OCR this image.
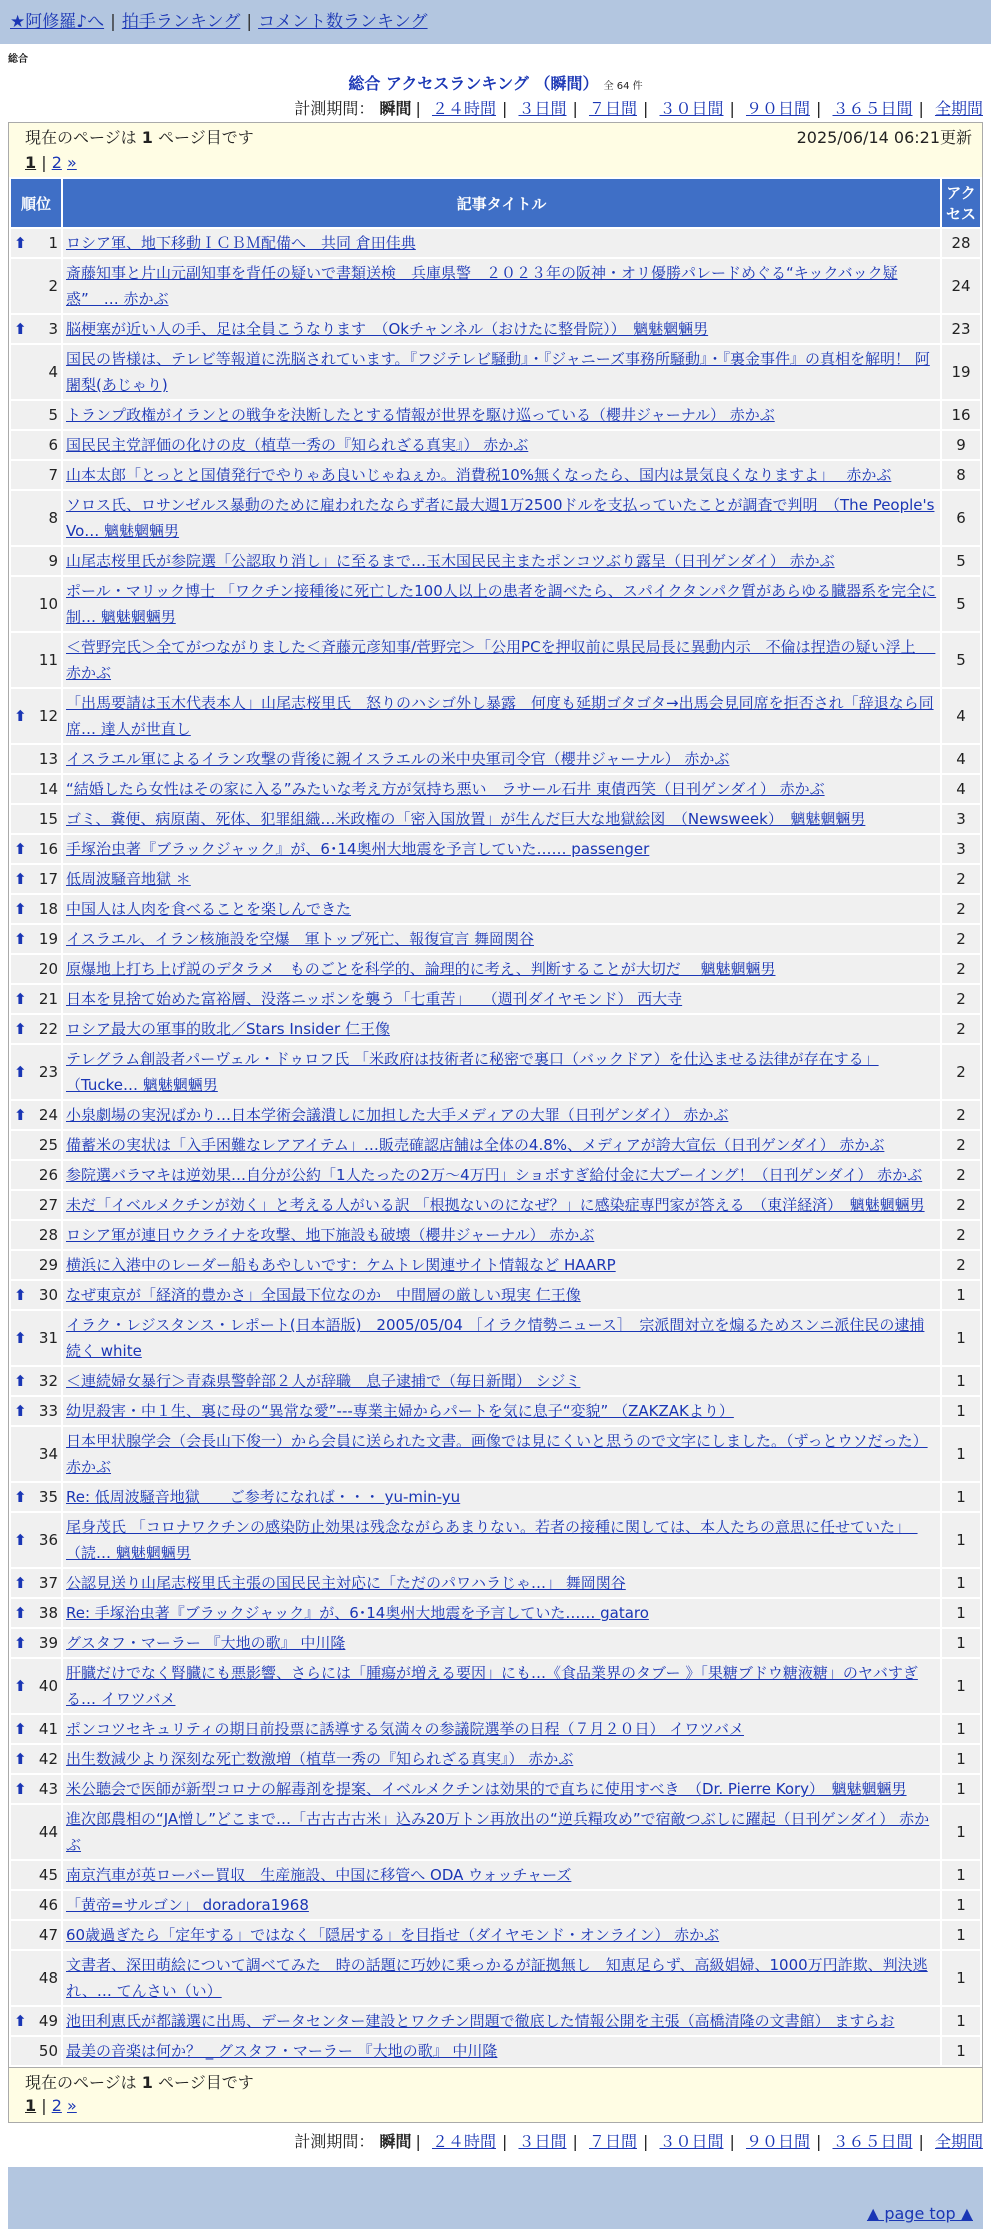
★阿修羅♪へ | 拍手ランキング | コメント数ランキング
総合
総合 アクセスランキング （瞬間） 全 64 件
計測期間： 瞬間 | ２４時間 | ３日間 | ７日間 | ３０日間 | ９０日間 | ３６５日間 | 全期間
現在のページは 1 ページ目です	2025/06/14 06:21更新
1 | 2 »
順位	記事タイトル	アクセス

⬆ 1	ロシア軍、地下移動ＩＣＢＭ配備へ　共同 倉田佳典	28
2	斎藤知事と片山元副知事を背任の疑いで書類送検　兵庫県警　２０２３年の阪神・オリ優勝パレードめぐる“キックバック疑惑”　… 赤かぶ	24

⬆ 3	脳梗塞が近い人の手、足は全員こうなります　（Okチャンネル（おけたに整骨院））　魑魅魍魎男	23
4	国民の皆様は、テレビ等報道に洗脳されています。『フジテレビ騒動』・『ジャニーズ事務所騒動』・『裏金事件』の真相を解明！ 阿闍梨(あじゃり)	19
5	トランプ政権がイランとの戦争を決断したとする情報が世界を駆け巡っている（櫻井ジャーナル） 赤かぶ	16
6	国民民主党評価の化けの皮（植草一秀の『知られざる真実』） 赤かぶ	9
7	山本太郎「とっとと国債発行でやりゃあ良いじゃねぇか。消費税10%無くなったら、国内は景気良くなりますよ」　 赤かぶ	8
8	ソロス氏、ロサンゼルス暴動のために雇われたならず者に最大週1万2500ドルを支払っていたことが調査で判明　（The People's Vo… 魑魅魍魎男	6
9	山尾志桜里氏が参院選「公認取り消し」に至るまで…玉木国民民主またポンコツぶり露呈（日刊ゲンダイ） 赤かぶ	5
10	ポール・マリック博士 「ワクチン接種後に死亡した100人以上の患者を調べたら、スパイクタンパク質があらゆる臓器系を完全に制… 魑魅魍魎男	5
11	＜菅野完氏＞全てがつながりました＜斉藤元彦知事/菅野完＞「公用PCを押収前に県民局長に異動内示　不倫は捏造の疑い浮上　 赤かぶ	5

⬆ 12	「出馬要請は玉木代表本人」山尾志桜里氏　怒りのハシゴ外し暴露　何度も延期ゴタゴタ→出馬会見同席を拒否され「辞退なら同席… 達人が世直し	4
13	イスラエル軍によるイラン攻撃の背後に親イスラエルの米中央軍司令官（櫻井ジャーナル） 赤かぶ	4
14	“結婚したら女性はその家に入る”みたいな考え方が気持ち悪い　ラサール石井 東債西笑（日刊ゲンダイ） 赤かぶ	4
15	ゴミ、糞便、病原菌、死体、犯罪組織…米政権の「密入国放置」が生んだ巨大な地獄絵図　（Newsweek）　魑魅魍魎男	3

⬆ 16	手塚治虫著『ブラックジャック』が、6･14奥州大地震を予言していた…… passenger	3

⬆ 17	低周波騒音地獄 ＊	2

⬆ 18	中国人は人肉を食べることを楽しんできた	2

⬆ 19	イスラエル、イラン核施設を空爆　軍トップ死亡、報復宣言 舞岡関谷	2
20	原爆地上打ち上げ説のデタラメ　ものごとを科学的、論理的に考え、判断することが大切だ　 魑魅魍魎男	2

⬆ 21	日本を見捨て始めた富裕層、没落ニッポンを襲う「七重苦」　 （週刊ダイヤモンド） 西大寺	2

⬆ 22	ロシア最大の軍事的敗北／Stars Insider 仁王像	2

⬆ 23	テレグラム創設者パーヴェル・ドゥロフ氏 「米政府は技術者に秘密で裏口（バックドア）を仕込ませる法律が存在する」 （Tucke… 魑魅魍魎男	2

⬆ 24	小泉劇場の実況ばかり…日本学術会議潰しに加担した大手メディアの大罪（日刊ゲンダイ） 赤かぶ	2
25	備蓄米の実状は「入手困難なレアアイテム」…販売確認店舗は全体の4.8%、メディアが誇大宣伝（日刊ゲンダイ） 赤かぶ	2
26	参院選バラマキは逆効果…自分が公約「1人たったの2万～4万円」ショボすぎ給付金に大ブーイング！（日刊ゲンダイ） 赤かぶ	2
27	未だ「イベルメクチンが効く」と考える人がいる訳 「根拠ないのになぜ？」に感染症専門家が答える　（東洋経済）　魑魅魍魎男	2
28	ロシア軍が連日ウクライナを攻撃、地下施設も破壊（櫻井ジャーナル） 赤かぶ	2
29	横浜に入港中のレーダー船もあやしいです：ケムトレ関連サイト情報など HAARP	2

⬆ 30	なぜ東京が「経済的豊かさ」全国最下位なのか　中間層の厳しい現実 仁王像	1

⬆ 31	イラク・レジスタンス・レポート(日本語版)　2005/05/04 ［イラク情勢ニュース］　宗派間対立を煽るためスンニ派住民の逮捕続く white	1

⬆ 32	＜連続婦女暴行＞青森県警幹部２人が辞職　息子逮捕で（毎日新聞） シジミ	1

⬆ 33	幼児殺害・中１生、裏に母の“異常な愛”---専業主婦からパートを気に息子“変貌” （ZAKZAKより）	1
34	日本甲状腺学会（会長山下俊一）から会員に送られた文書。画像では見にくいと思うので文字にしました。（ずっとウソだった） 赤かぶ	1

⬆ 35	Re: 低周波騒音地獄　　ご参考になれば・・・ yu-min-yu	1

⬆ 36	尾身茂氏 「コロナワクチンの感染防止効果は残念ながらあまりない。若者の接種に関しては、本人たちの意思に任せていた」　（読… 魑魅魍魎男	1

⬆ 37	公認見送り山尾志桜里氏主張の国民民主対応に「ただのパワハラじゃ…」 舞岡関谷	1

⬆ 38	Re: 手塚治虫著『ブラックジャック』が、6･14奥州大地震を予言していた…… gataro	1

⬆ 39	グスタフ・マーラー 『大地の歌』 中川隆	1

⬆ 40	肝臓だけでなく腎臓にも悪影響、さらには「腫瘍が増える要因」にも…《食品業界のタブー 》「果糖ブドウ糖液糖」のヤバすぎる… イワツバメ	1

⬆ 41	ポンコツセキュリティの期日前投票に誘導する気満々の参議院選挙の日程（７月２０日） イワツバメ	1

⬆ 42	出生数減少より深刻な死亡数激増（植草一秀の『知られざる真実』） 赤かぶ	1

⬆ 43	米公聴会で医師が新型コロナの解毒剤を提案、イベルメクチンは効果的で直ちに使用すべき　（Dr. Pierre Kory）　魑魅魍魎男	1
44	進次郎農相の“JA憎し”どこまで…「古古古古米」込み20万トン再放出の“逆兵糧攻め”で宿敵つぶしに躍起（日刊ゲンダイ） 赤かぶ	1
45	南京汽車が英ローバー買収　生産施設、中国に移管へ ODA ウォッチャーズ	1
46	「黄帝=サルゴン」 doradora1968	1
47	60歳過ぎたら「定年する」ではなく「隠居する」を目指せ（ダイヤモンド・オンライン） 赤かぶ	1
48	文書者、深田萌絵について調べてみた　時の話題に巧妙に乗っかるが証拠無し　知恵足らず、高級娼婦、1000万円詐欺、判決逃れ、… てんさい（い）	1

⬆ 49	池田利恵氏が都議選に出馬、データセンター建設とワクチン問題で徹底した情報公開を主張（高橋清隆の文書館） ますらお	1
50	最美の音楽は何か？ _ グスタフ・マーラー 『大地の歌』 中川隆	1
現在のページは 1 ページ目です
1 | 2 »
計測期間： 瞬間 | ２４時間 | ３日間 | ７日間 | ３０日間 | ９０日間 | ３６５日間 | 全期間
▲ page top ▲
